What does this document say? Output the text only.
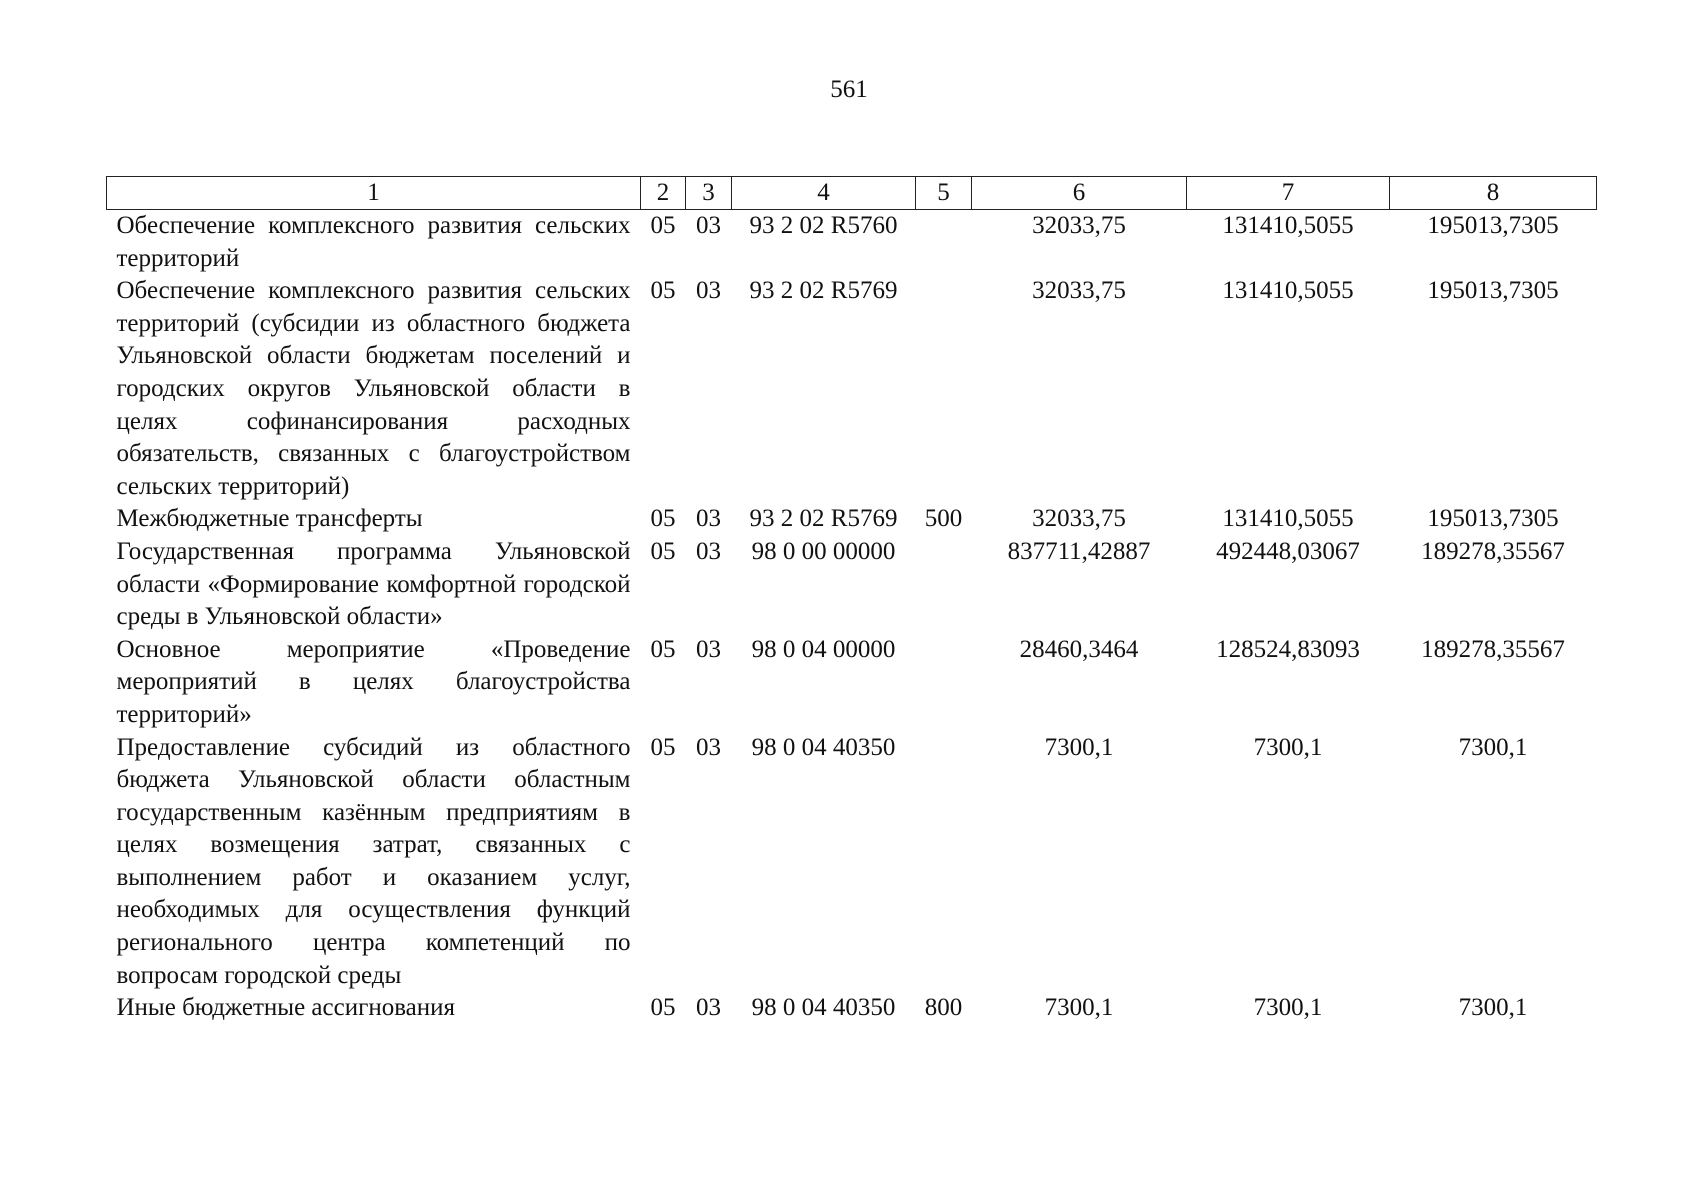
561
1	2	3	4	5	6	7	8
Обеспечение комплексного развития сельских территорий	05	03	93 2 02 R5760		32033,75	131410,5055	195013,7305
Обеспечение комплексного развития сельских территорий (субсидии из областного бюджета Ульяновской области бюджетам поселений и городских округов Ульяновской области в целях софинансирования расходных обязательств, связанных с благоустройством сельских территорий)	05	03	93 2 02 R5769		32033,75	131410,5055	195013,7305
Межбюджетные трансферты	05	03	93 2 02 R5769	500	32033,75	131410,5055	195013,7305
Государственная программа Ульяновской области «Формирование комфортной городской среды в Ульяновской области»	05	03	98 0 00 00000		837711,42887	492448,03067	189278,35567
Основное мероприятие «Проведение мероприятий в целях благоустройства территорий»	05	03	98 0 04 00000		28460,3464	128524,83093	189278,35567
Предоставление субсидий из областного бюджета Ульяновской области областным государственным казённым предприятиям в целях возмещения затрат, связанных с выполнением работ и оказанием услуг, необходимых для осуществления функций регионального центра компетенций по вопросам городской среды	05	03	98 0 04 40350		7300,1	7300,1	7300,1
Иные бюджетные ассигнования	05	03	98 0 04 40350	800	7300,1	7300,1	7300,1
